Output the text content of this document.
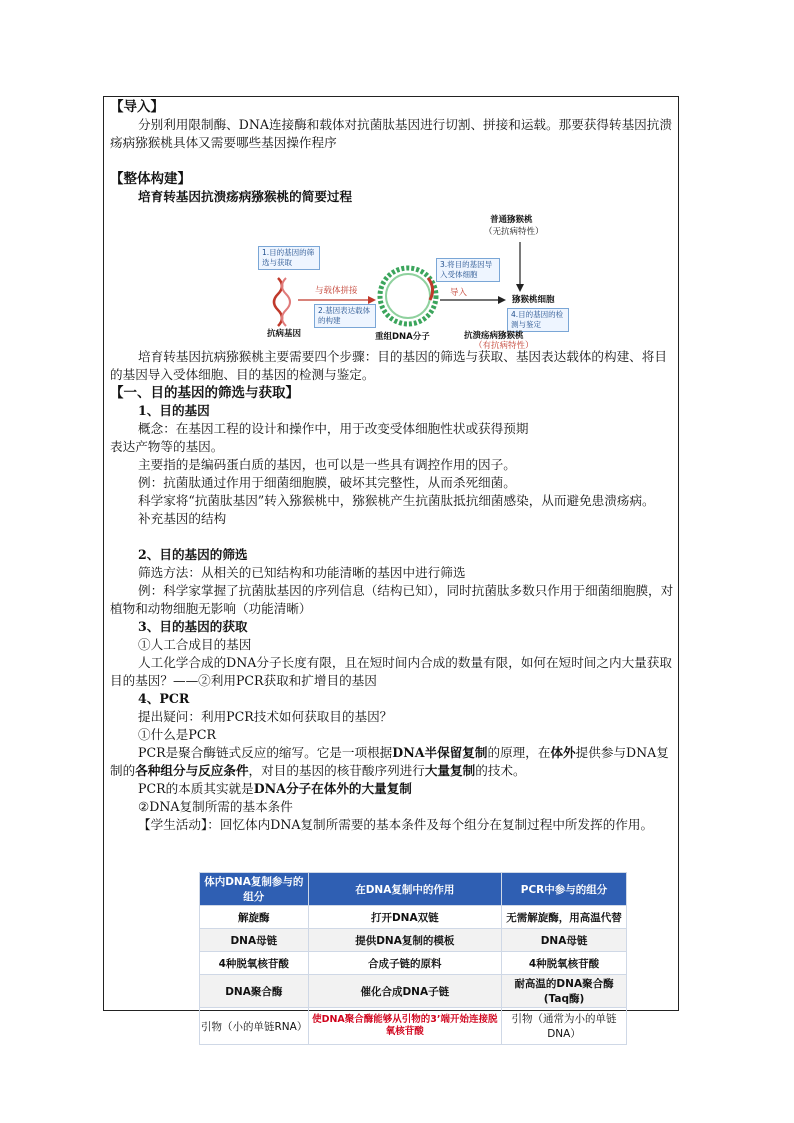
【导入】

分别利用限制酶、DNA连接酶和载体对抗菌肽基因进行切割、拼接和运载。那要获得转基因抗溃疡病猕猴桃具体又需要哪些基因操作程序

【整体构建】

培育转基因抗溃疡病猕猴桃的简要过程

普通猕猴桃
（无抗病特性）
1.目的基因的筛选与获取
与载体拼接
2.基因表达载体的构建
抗病基因	重组DNA分子
3.将目的基因导入受体细胞
导入
猕猴桃细胞
4.目的基因的检测与鉴定
抗溃疡病猕猴桃
（有抗病特性）

培育转基因抗病猕猴桃主要需要四个步骤：目的基因的筛选与获取、基因表达载体的构建、将目的基因导入受体细胞、目的基因的检测与鉴定。

【一、目的基因的筛选与获取】

1、目的基因

概念：在基因工程的设计和操作中，用于改变受体细胞性状或获得预期

表达产物等的基因。

主要指的是编码蛋白质的基因，也可以是一些具有调控作用的因子。

例：抗菌肽通过作用于细菌细胞膜，破坏其完整性，从而杀死细菌。

科学家将“抗菌肽基因”转入猕猴桃中，猕猴桃产生抗菌肽抵抗细菌感染，从而避免患溃疡病。

补充基因的结构

2、目的基因的筛选

筛选方法：从相关的已知结构和功能清晰的基因中进行筛选

例：科学家掌握了抗菌肽基因的序列信息（结构已知），同时抗菌肽多数只作用于细菌细胞膜，对植物和动物细胞无影响（功能清晰）

3、目的基因的获取

①人工合成目的基因

人工化学合成的DNA分子长度有限，且在短时间内合成的数量有限，如何在短时间之内大量获取目的基因？——②利用PCR获取和扩增目的基因

4、PCR

提出疑问：利用PCR技术如何获取目的基因？

①什么是PCR

PCR是聚合酶链式反应的缩写。它是一项根据DNA半保留复制的原理，在体外提供参与DNA复制的各种组分与反应条件，对目的基因的核苷酸序列进行大量复制的技术。

PCR的本质其实就是DNA分子在体外的大量复制

②DNA复制所需的基本条件

【学生活动】：回忆体内DNA复制所需要的基本条件及每个组分在复制过程中所发挥的作用。

体内DNA复制参与的组分	在DNA复制中的作用	PCR中参与的组分
解旋酶	打开DNA双链	无需解旋酶，用高温代替
DNA母链	提供DNA复制的模板	DNA母链
4种脱氧核苷酸	合成子链的原料	4种脱氧核苷酸
DNA聚合酶	催化合成DNA子链	耐高温的DNA聚合酶(Taq酶)
引物（小的单链RNA）	使DNA聚合酶能够从引物的3’端开始连接脱氧核苷酸	引物（通常为小的单链DNA）
